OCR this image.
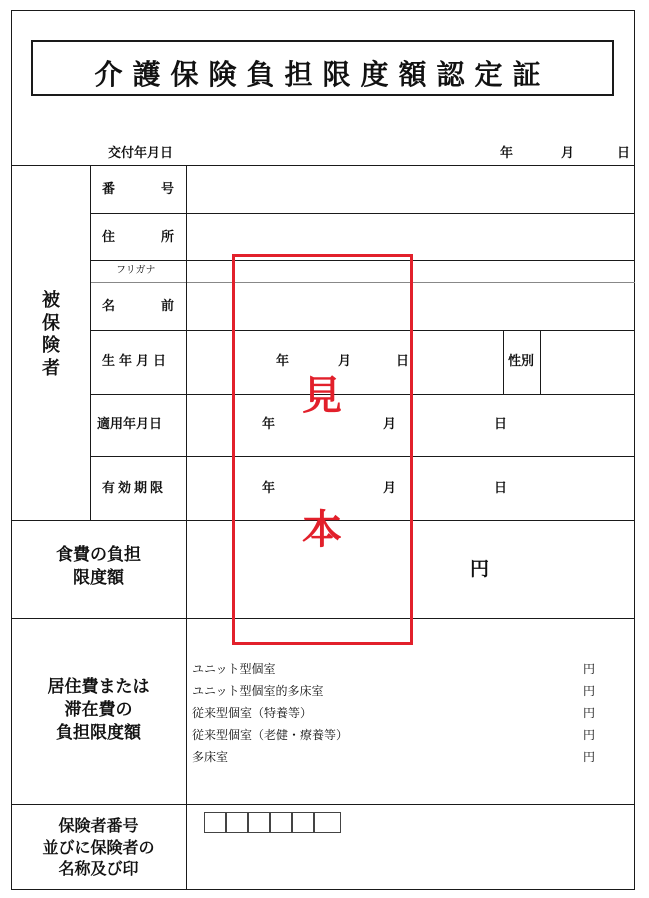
介護保険負担限度額認定証
交付年月日	年	月	日
被
保
険
者
番	号
住	所
フリガナ
名	前
生年月日	年	月	日	性別
適用年月日	年	月	日
有効期限	年	月	日
食費の負担
限度額	円
居住費または
滞在費の
負担限度額
ユニット型個室	円
ユニット型個室的多床室	円
従来型個室（特養等）	円
従来型個室（老健・療養等）	円
多床室	円
保険者番号
並びに保険者の
名称及び印
見
本
